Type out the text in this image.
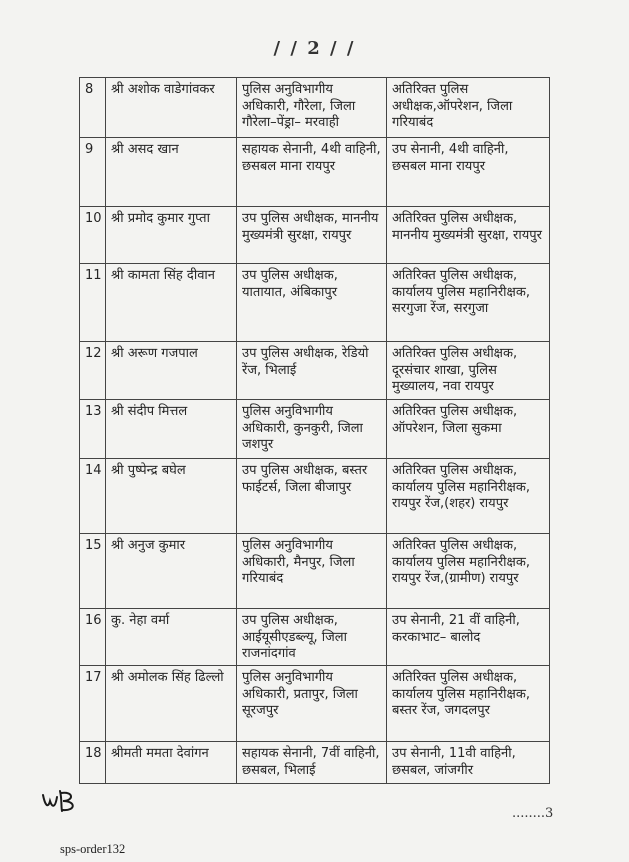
/ / 2 / /
8	श्री अशोक वाडेगांवकर	पुलिस अनुविभागीय अधिकारी, गौरेला, जिला गौरेला–पेंड्रा– मरवाही	अतिरिक्त पुलिस अधीक्षक,ऑपरेशन, जिला गरियाबंद
9	श्री असद खान	सहायक सेनानी, 4थी वाहिनी, छसबल माना रायपुर	उप सेनानी, 4थी वाहिनी, छसबल माना रायपुर
10	श्री प्रमोद कुमार गुप्ता	उप पुलिस अधीक्षक, माननीय मुख्यमंत्री सुरक्षा, रायपुर	अतिरिक्त पुलिस अधीक्षक, माननीय मुख्यमंत्री सुरक्षा, रायपुर
11	श्री कामता सिंह दीवान	उप पुलिस अधीक्षक, यातायात, अंबिकापुर	अतिरिक्त पुलिस अधीक्षक, कार्यालय पुलिस महानिरीक्षक, सरगुजा रेंज, सरगुजा
12	श्री अरूण गजपाल	उप पुलिस अधीक्षक, रेडियो रेंज, भिलाई	अतिरिक्त पुलिस अधीक्षक, दूरसंचार शाखा, पुलिस मुख्यालय, नवा रायपुर
13	श्री संदीप मित्तल	पुलिस अनुविभागीय अधिकारी, कुनकुरी, जिला जशपुर	अतिरिक्त पुलिस अधीक्षक, ऑपरेशन, जिला सुकमा
14	श्री पुष्पेन्द्र बघेल	उप पुलिस अधीक्षक, बस्तर फाईटर्स, जिला बीजापुर	अतिरिक्त पुलिस अधीक्षक, कार्यालय पुलिस महानिरीक्षक, रायपुर रेंज,(शहर) रायपुर
15	श्री अनुज कुमार	पुलिस अनुविभागीय अधिकारी, मैनपुर, जिला गरियाबंद	अतिरिक्त पुलिस अधीक्षक, कार्यालय पुलिस महानिरीक्षक, रायपुर रेंज,(ग्रामीण) रायपुर
16	कु. नेहा वर्मा	उप पुलिस अधीक्षक, आईयूसीएडब्ल्यू, जिला राजनांदगांव	उप सेनानी, 21 वीं वाहिनी, करकाभाट– बालोद
17	श्री अमोलक सिंह ढिल्लो	पुलिस अनुविभागीय अधिकारी, प्रतापुर, जिला सूरजपुर	अतिरिक्त पुलिस अधीक्षक, कार्यालय पुलिस महानिरीक्षक, बस्तर रेंज, जगदलपुर
18	श्रीमती ममता देवांगन	सहायक सेनानी, 7वीं वाहिनी, छसबल, भिलाई	उप सेनानी, 11वी वाहिनी, छसबल, जांजगीर
........3
sps-order132
